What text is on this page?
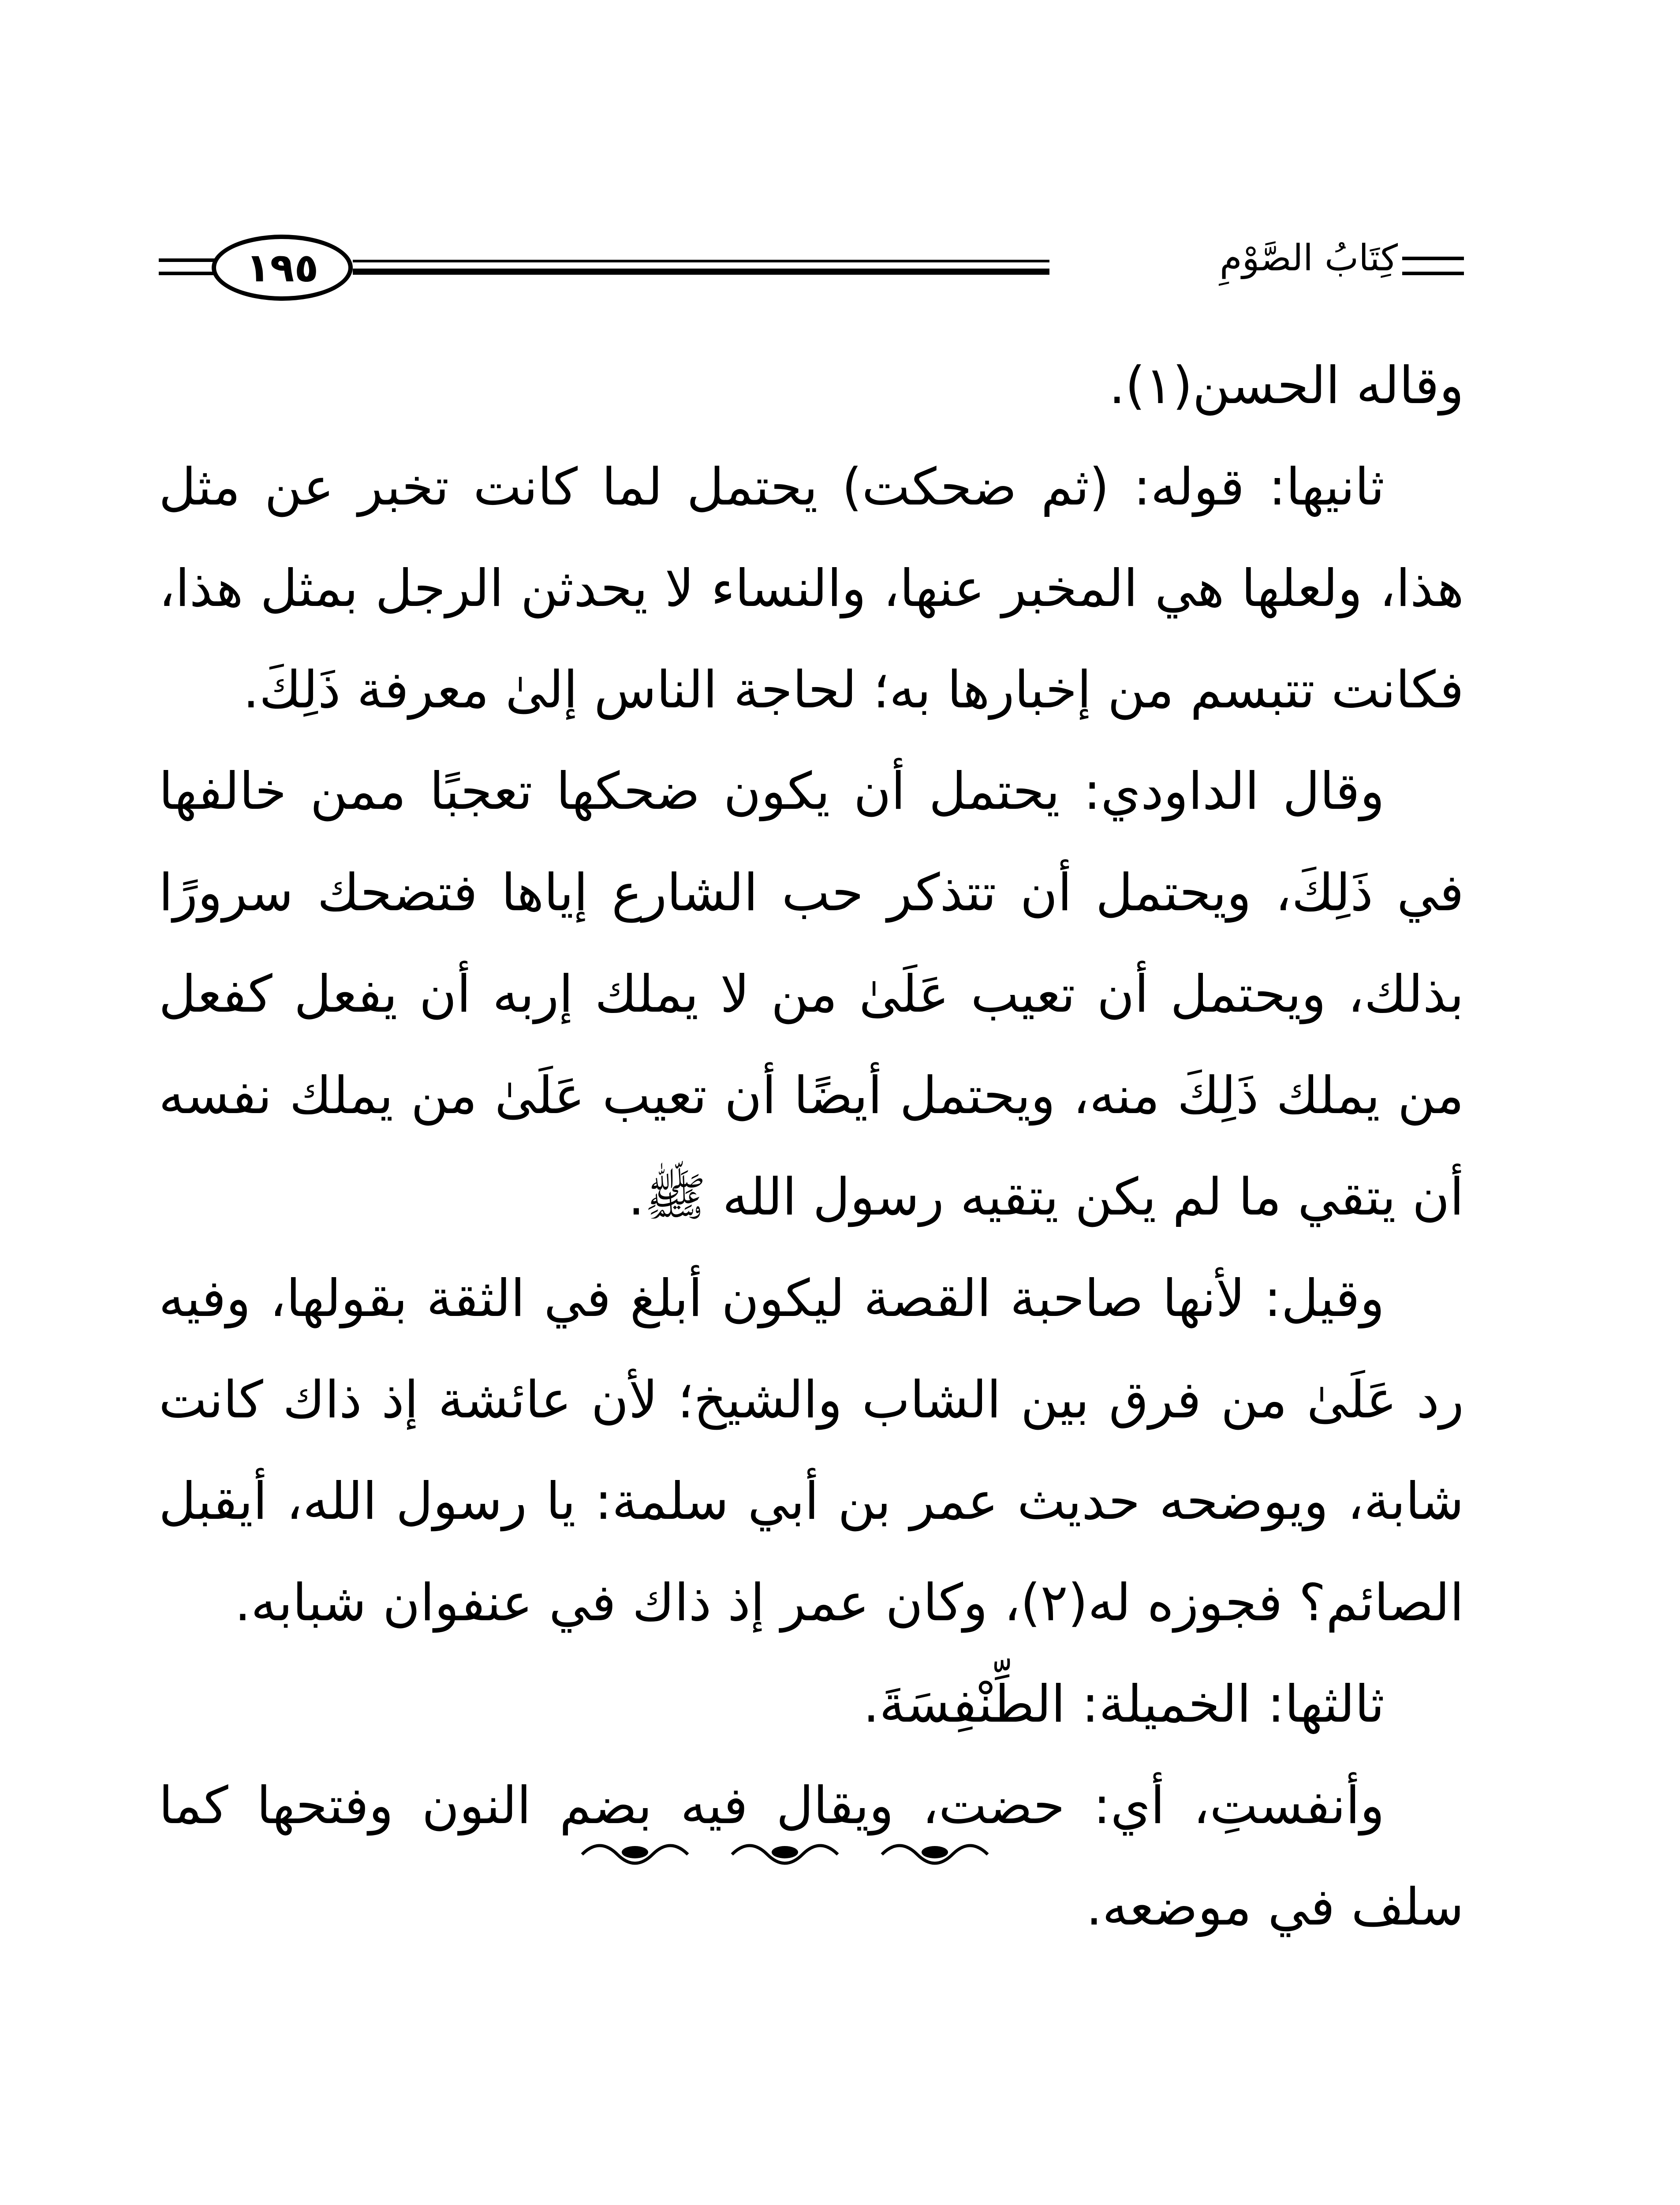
١٩٥	كِتَابُ الصَّوْمِ

وقاله الحسن(١).

ثانيها: قوله: (ثم ضحكت) يحتمل لما كانت تخبر عن مثل هذا، ولعلها هي المخبر عنها، والنساء لا يحدثن الرجل بمثل هذا، فكانت تتبسم من إخبارها به؛ لحاجة الناس إلىٰ معرفة ذَلِكَ.

وقال الداودي: يحتمل أن يكون ضحكها تعجبًا ممن خالفها في ذَلِكَ، ويحتمل أن تتذكر حب الشارع إياها فتضحك سرورًا بذلك، ويحتمل أن تعيب عَلَىٰ من لا يملك إربه أن يفعل كفعل من يملك ذَلِكَ منه، ويحتمل أيضًا أن تعيب عَلَىٰ من يملك نفسه أن يتقي ما لم يكن يتقيه رسول الله ﷺ.

وقيل: لأنها صاحبة القصة ليكون أبلغ في الثقة بقولها، وفيه رد عَلَىٰ من فرق بين الشاب والشيخ؛ لأن عائشة إذ ذاك كانت شابة، ويوضحه حديث عمر بن أبي سلمة: يا رسول الله، أيقبل الصائم؟ فجوزه له(٢)، وكان عمر إذ ذاك في عنفوان شبابه.

ثالثها: الخميلة: الطِّنْفِسَةَ.

وأنفستِ، أي: حضت، ويقال فيه بضم النون وفتحها كما سلف في موضعه.
